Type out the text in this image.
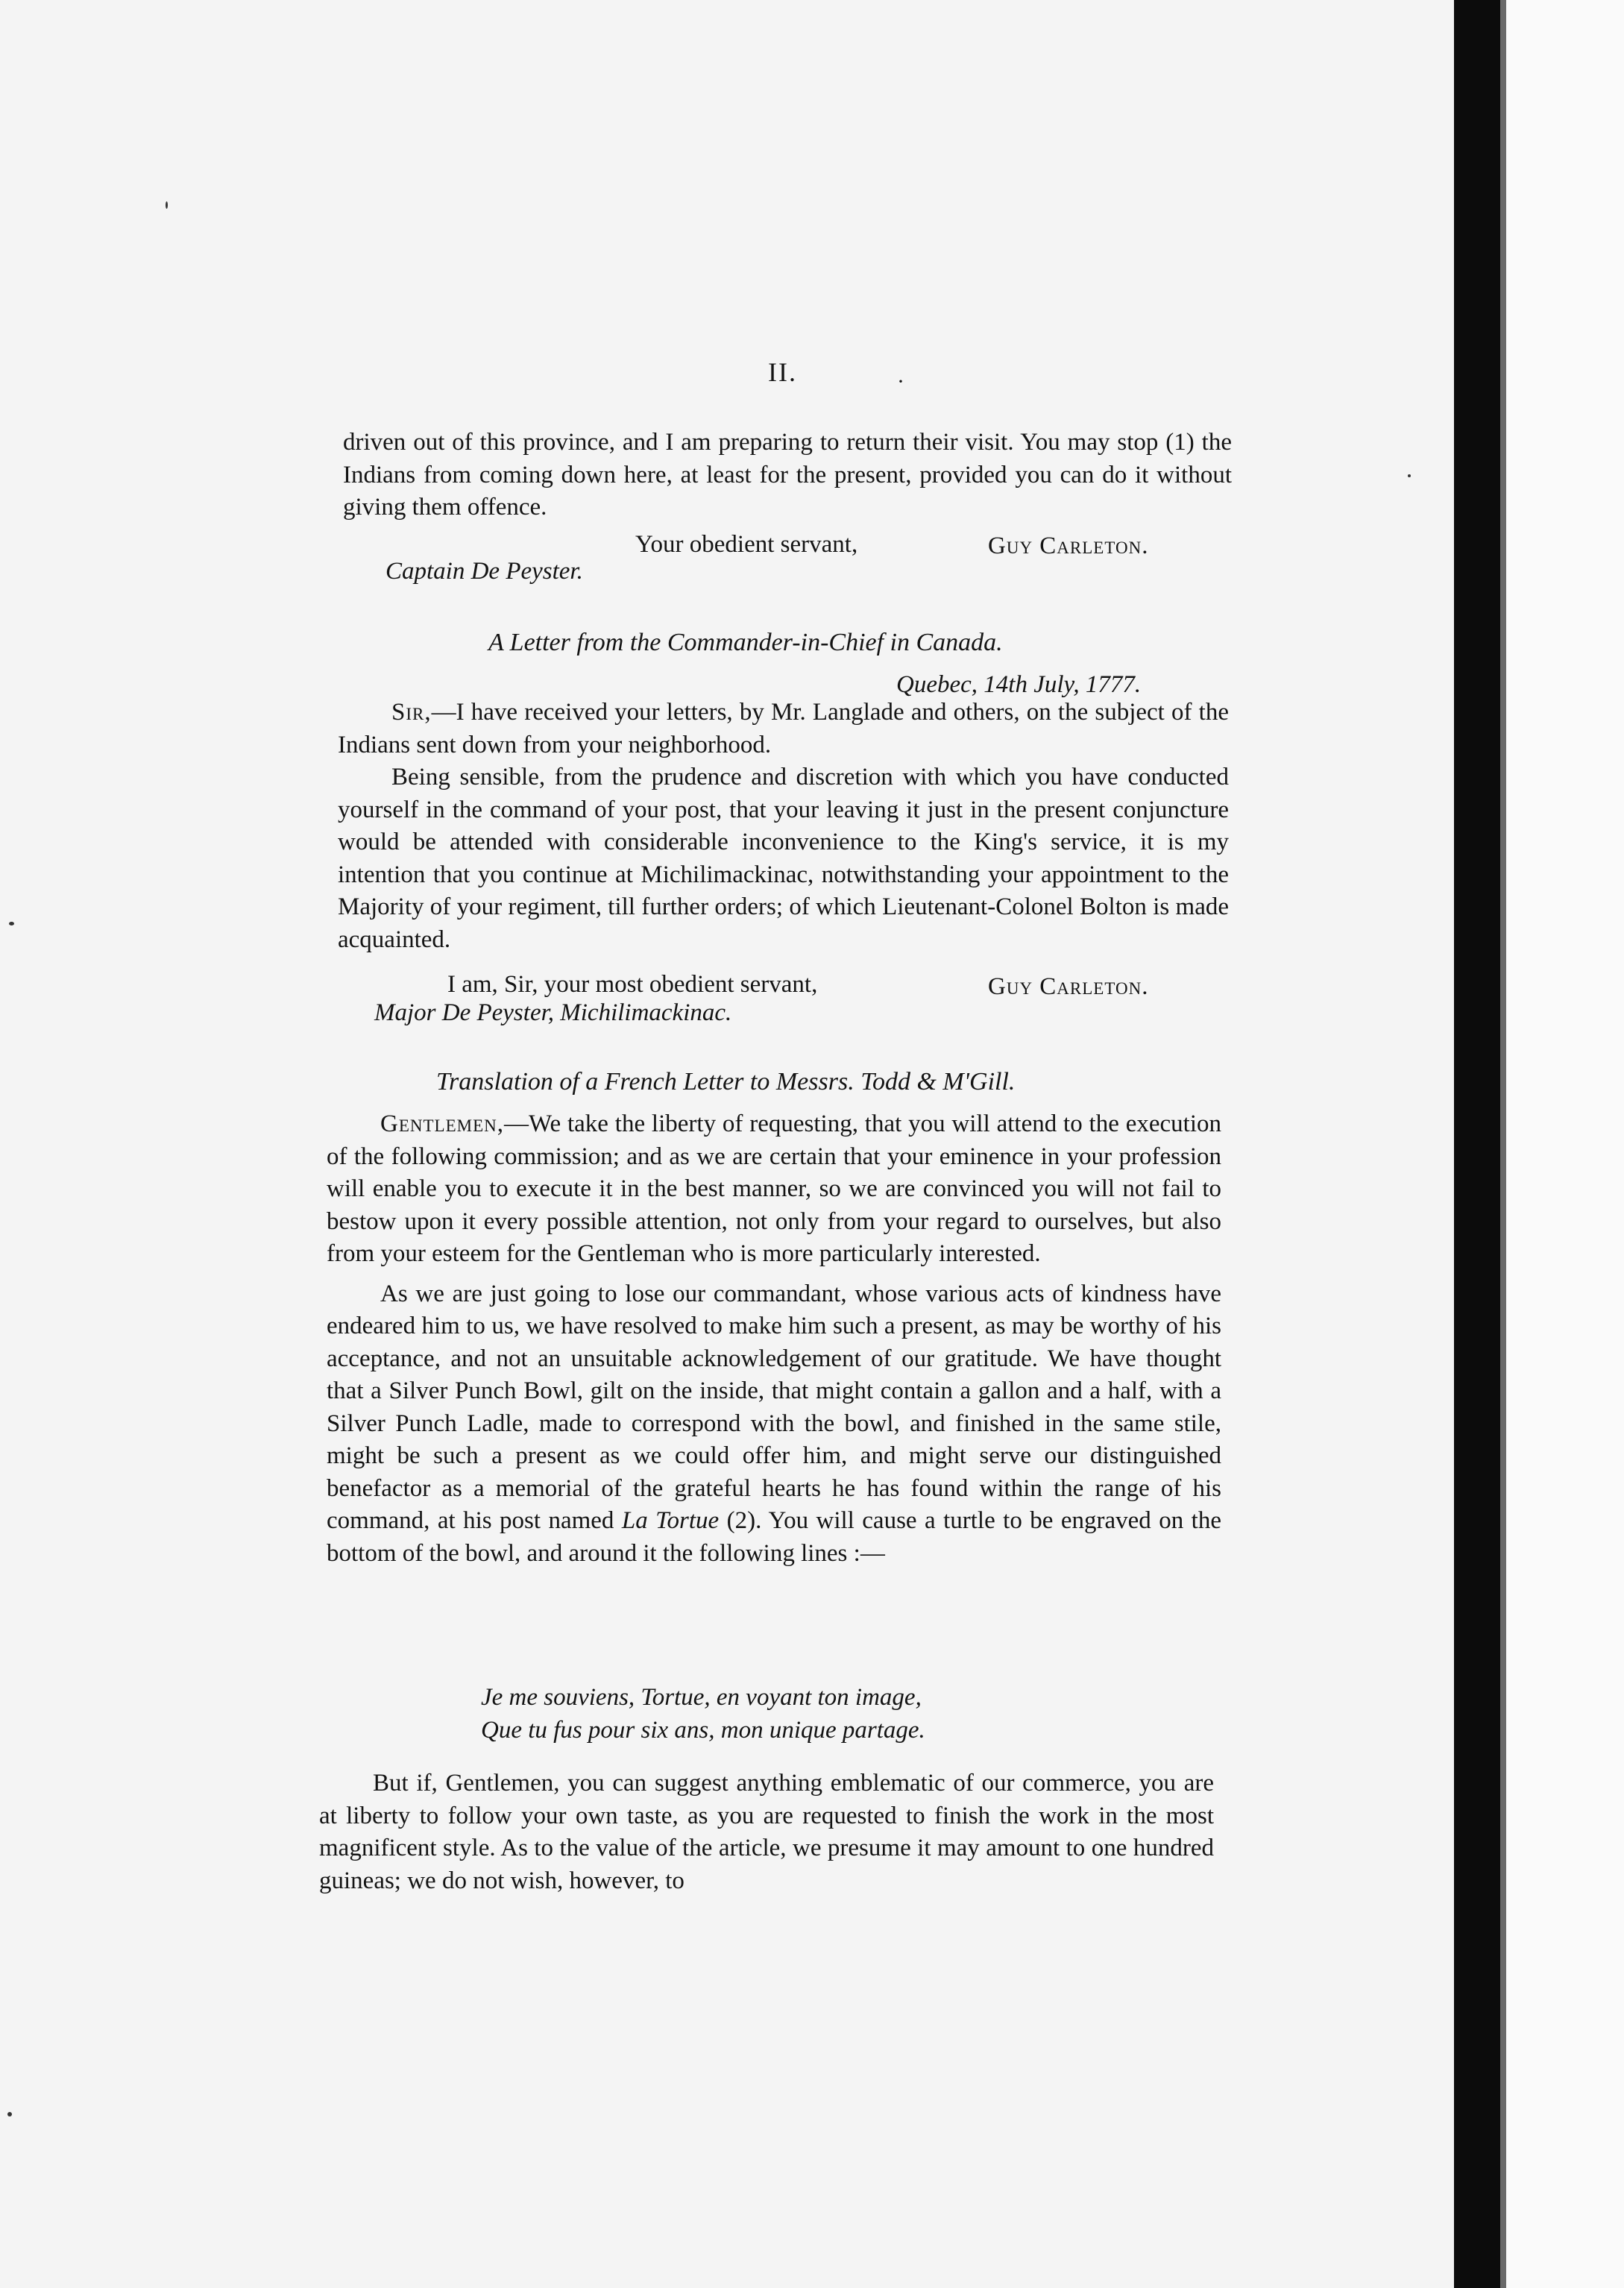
II.	·

driven out of this province, and I am preparing to return their visit. You may stop (1) the Indians from coming down here, at least for the present, provided you can do it without giving them offence.

Your obedient servant,	Guy Carleton.
Captain De Peyster.
A Letter from the Commander-in-Chief in Canada.
Quebec, 14th July, 1777.

Sir,—I have received your letters, by Mr. Langlade and others, on the subject of the Indians sent down from your neighborhood.

Being sensible, from the prudence and discretion with which you have conducted yourself in the command of your post, that your leaving it just in the present conjuncture would be attended with considerable inconvenience to the King's service, it is my intention that you continue at Michilimackinac, notwithstanding your appointment to the Majority of your regiment, till further orders; of which Lieutenant-Colonel Bolton is made acquainted.

I am, Sir, your most obedient servant,	Guy Carleton.
Major De Peyster, Michilimackinac.
Translation of a French Letter to Messrs. Todd & M'Gill.

Gentlemen,—We take the liberty of requesting, that you will attend to the execution of the following commission; and as we are certain that your eminence in your profession will enable you to execute it in the best manner, so we are convinced you will not fail to bestow upon it every possible attention, not only from your regard to ourselves, but also from your esteem for the Gentleman who is more particularly interested.

As we are just going to lose our commandant, whose various acts of kindness have endeared him to us, we have resolved to make him such a present, as may be worthy of his acceptance, and not an unsuitable acknowledgement of our gratitude. We have thought that a Silver Punch Bowl, gilt on the inside, that might contain a gallon and a half, with a Silver Punch Ladle, made to correspond with the bowl, and finished in the same stile, might be such a present as we could offer him, and might serve our distinguished benefactor as a memorial of the grateful hearts he has found within the range of his command, at his post named La Tortue (2). You will cause a turtle to be engraved on the bottom of the bowl, and around it the following lines :—

Je me souviens, Tortue, en voyant ton image,
Que tu fus pour six ans, mon unique partage.

But if, Gentlemen, you can suggest anything emblematic of our commerce, you are at liberty to follow your own taste, as you are requested to finish the work in the most magnificent style. As to the value of the article, we presume it may amount to one hundred guineas; we do not wish, however, to
